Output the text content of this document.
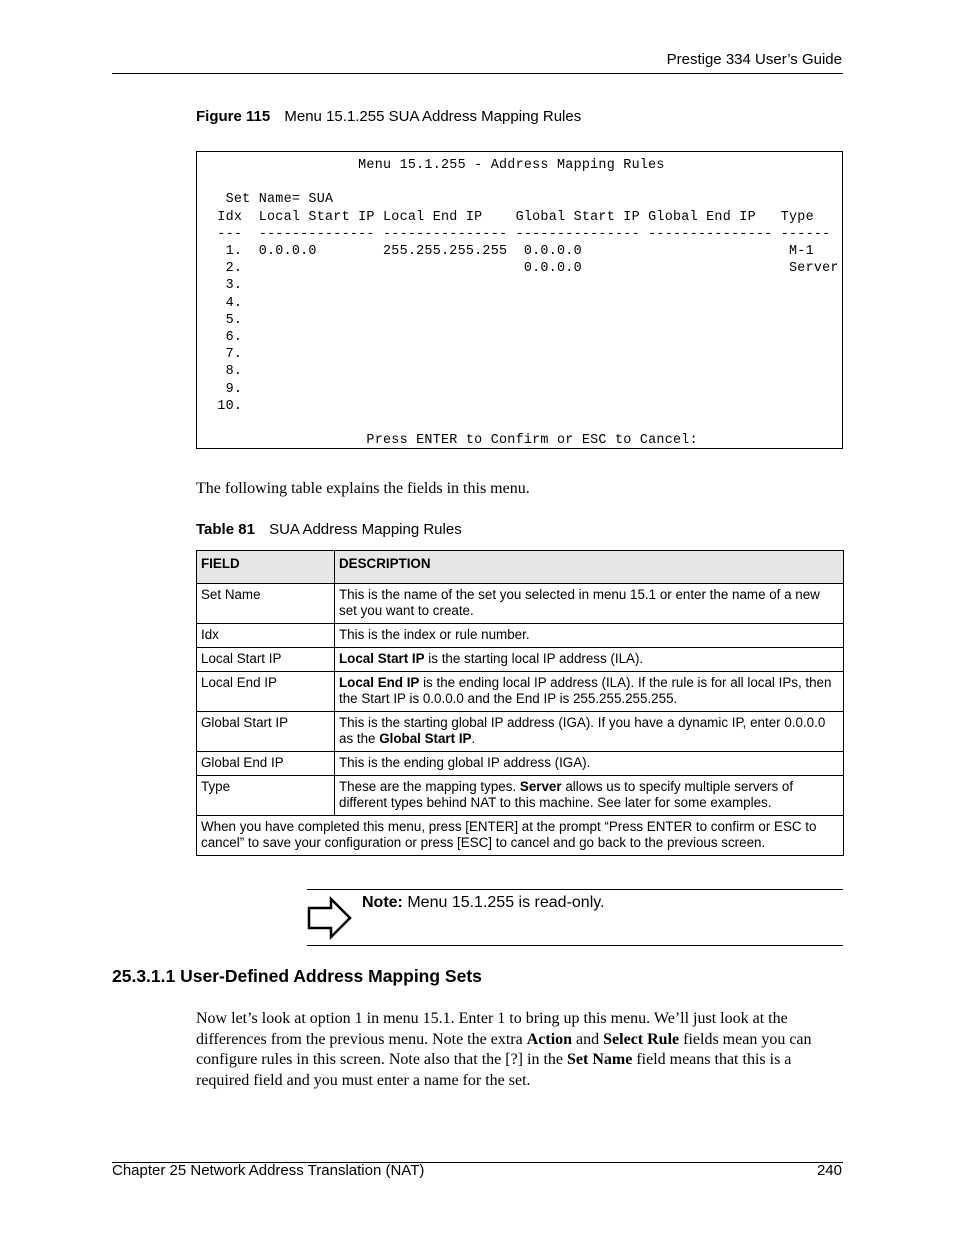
Prestige 334 User’s Guide
Figure 115 Menu 15.1.255 SUA Address Mapping Rules
Menu 15.1.255 - Address Mapping Rules

Set Name= SUA
Idx  Local Start IP Local End IP    Global Start IP Global End IP   Type
---  -------------- --------------- --------------- --------------- ------
1.  0.0.0.0        255.255.255.255  0.0.0.0                         M-1
2.                                  0.0.0.0                         Server
3.
4.
5.
6.
7.
8.
9.
10.

Press ENTER to Confirm or ESC to Cancel:
The following table explains the fields in this menu.
Table 81 SUA Address Mapping Rules
FIELD	DESCRIPTION
Set Name	This is the name of the set you selected in menu 15.1 or enter the name of a new set you want to create.
Idx	This is the index or rule number.
Local Start IP	Local Start IP is the starting local IP address (ILA).
Local End IP	Local End IP is the ending local IP address (ILA). If the rule is for all local IPs, then the Start IP is 0.0.0.0 and the End IP is 255.255.255.255.
Global Start IP	This is the starting global IP address (IGA). If you have a dynamic IP, enter 0.0.0.0 as the Global Start IP.
Global End IP	This is the ending global IP address (IGA).
Type	These are the mapping types. Server allows us to specify multiple servers of different types behind NAT to this machine. See later for some examples.
When you have completed this menu, press [ENTER] at the prompt “Press ENTER to confirm or ESC to cancel” to save your configuration or press [ESC] to cancel and go back to the previous screen.	
Note: Menu 15.1.255 is read-only.
25.3.1.1 User-Defined Address Mapping Sets

Now let’s look at option 1 in menu 15.1. Enter 1 to bring up this menu. We’ll just look at the differences from the previous menu. Note the extra Action and Select Rule fields mean you can configure rules in this screen. Note also that the [?] in the Set Name field means that this is a required field and you must enter a name for the set.

Chapter 25 Network Address Translation (NAT)	240
